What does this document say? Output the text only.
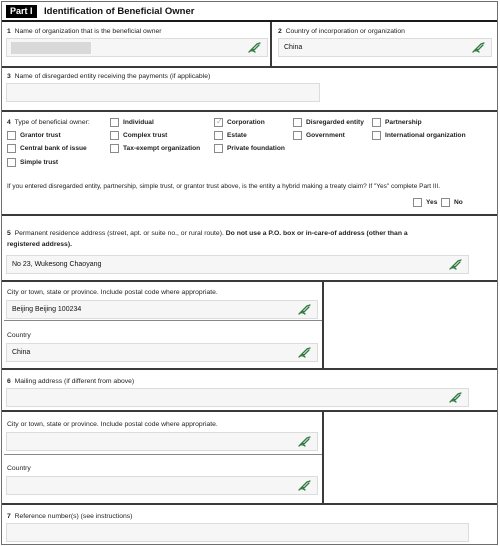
Part I	Identification of Beneficial Owner
1 Name of organization that is the beneficial owner	2 Country of incorporation or organization
China
3 Name of disregarded entity receiving the payments (if applicable)
4 Type of beneficial owner:	Individual
✓	Corporation	Disregarded entity	Partnership
Grantor trust	Complex trust	Estate	Government	International organization
Central bank of issue	Tax-exempt organization	Private foundation
Simple trust
If you entered disregarded entity, partnership, simple trust, or grantor trust above, is the entity a hybrid making a treaty claim? If "Yes" complete Part III.
Yes	No
5 Permanent residence address (street, apt. or suite no., or rural route). Do not use a P.O. box or in-care-of address (other than a
registered address).
No 23, Wukesong Chaoyang
City or town, state or province. Include postal code where appropriate.
Beijing Beijing 100234
Country
China
6 Mailing address (if different from above)
City or town, state or province. Include postal code where appropriate.
Country
7 Reference number(s) (see instructions)
